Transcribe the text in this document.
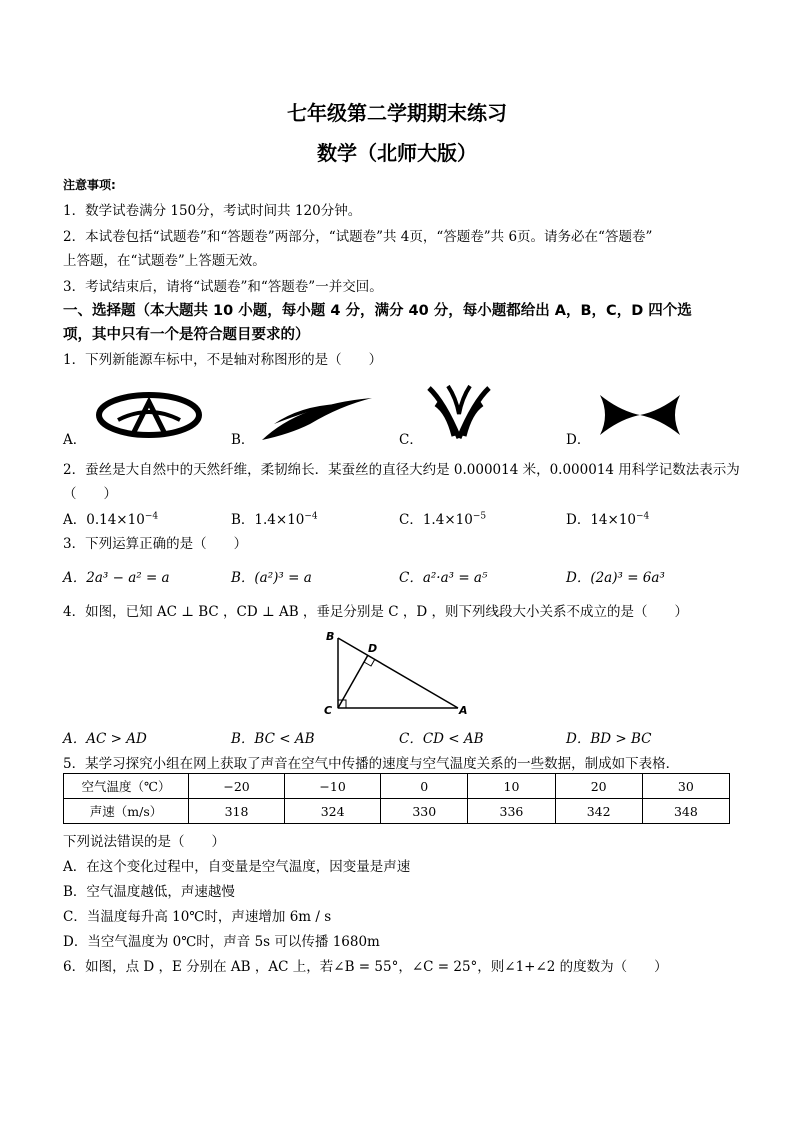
七年级第二学期期末练习
数学（北师大版）
注意事项:
1．数学试卷满分 150分，考试时间共 120分钟。
2．本试卷包括“试题卷”和“答题卷”两部分，“试题卷”共 4页，“答题卷”共 6页。请务必在“答题卷”
上答题，在“试题卷”上答题无效。
3．考试结束后，请将“试题卷”和“答题卷”一并交回。
一、选择题（本大题共 10 小题，每小题 4 分，满分 40 分，每小题都给出 A，B，C，D 四个选
项，其中只有一个是符合题目要求的）
1．下列新能源车标中，不是轴对称图形的是（　　）
A．	B．	C．	D．
2．蚕丝是大自然中的天然纤维，柔韧绵长．某蚕丝的直径大约是 0.000014 米，0.000014 用科学记数法表示为
（　　）
A．$0.14\times 10^{-4}$	B．$1.4\times 10^{-4}$	C．$1.4\times 10^{-5}$	D．$14\times 10^{-4}$
3．下列运算正确的是（　　）
A．2a³ − a² = a	B．(a²)³ = a	C．a²·a³ = a⁵	D．(2a)³ = 6a³
4．如图，已知 AC ⊥ BC ，CD ⊥ AB ，垂足分别是 C ，D ，则下列线段大小关系不成立的是（　　）
B
D
C	A
A．AC > AD	B．BC < AB	C．CD < AB	D．BD > BC
5．某学习探究小组在网上获取了声音在空气中传播的速度与空气温度关系的一些数据，制成如下表格．
空气温度（℃）	−20	−10	0	10	20	30
声速（m/s）	318	324	330	336	342	348
下列说法错误的是（　　）
A．在这个变化过程中，自变量是空气温度，因变量是声速
B．空气温度越低，声速越慢
C．当温度每升高 10℃时，声速增加 6m / s
D．当空气温度为 0℃时，声音 5s 可以传播 1680m
6．如图，点 D ，E 分别在 AB ，AC 上，若∠B = 55°，∠C = 25°，则∠1+∠2 的度数为（　　）
